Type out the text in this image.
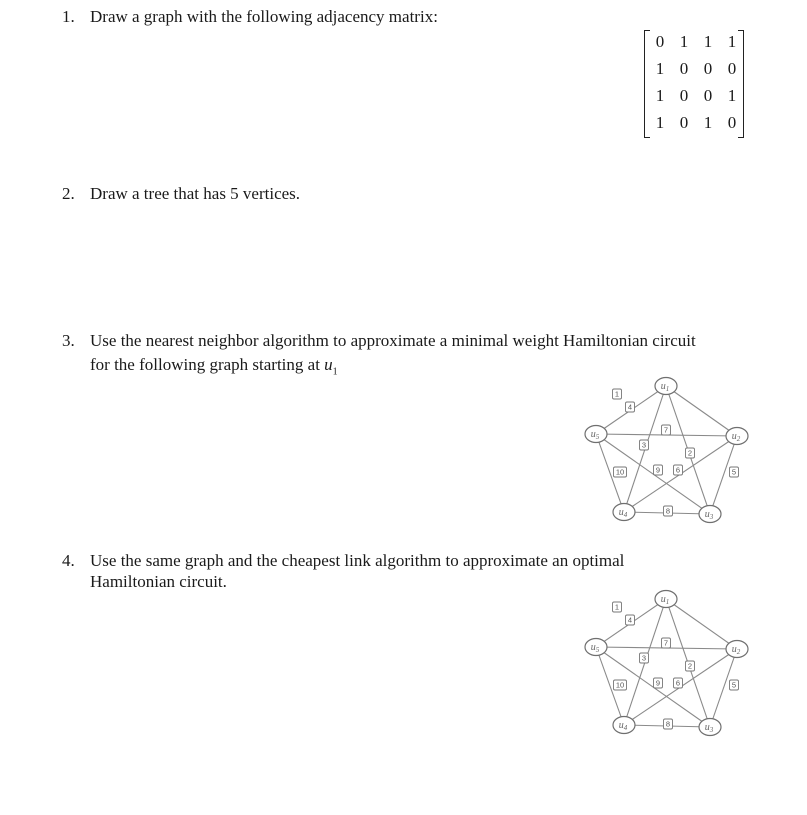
1. Draw a graph with the following adjacency matrix:
0	1	1	1
1	0	0	0
1	0	0	1
1	0	1	0
2. Draw a tree that has 5 vertices.
3. Use the nearest neighbor algorithm to approximate a minimal weight Hamiltonian circuit
for the following graph starting at $u_1$
1
4
9
7
5
6
2
8
3
10
$u_1$
$u_2$
$u_3$
$u_4$
$u_5$
4. Use the same graph and the cheapest link algorithm to approximate an optimal
Hamiltonian circuit.
1
4
9
7
5
6
2
8
3
10
$u_1$
$u_2$
$u_3$
$u_4$
$u_5$
